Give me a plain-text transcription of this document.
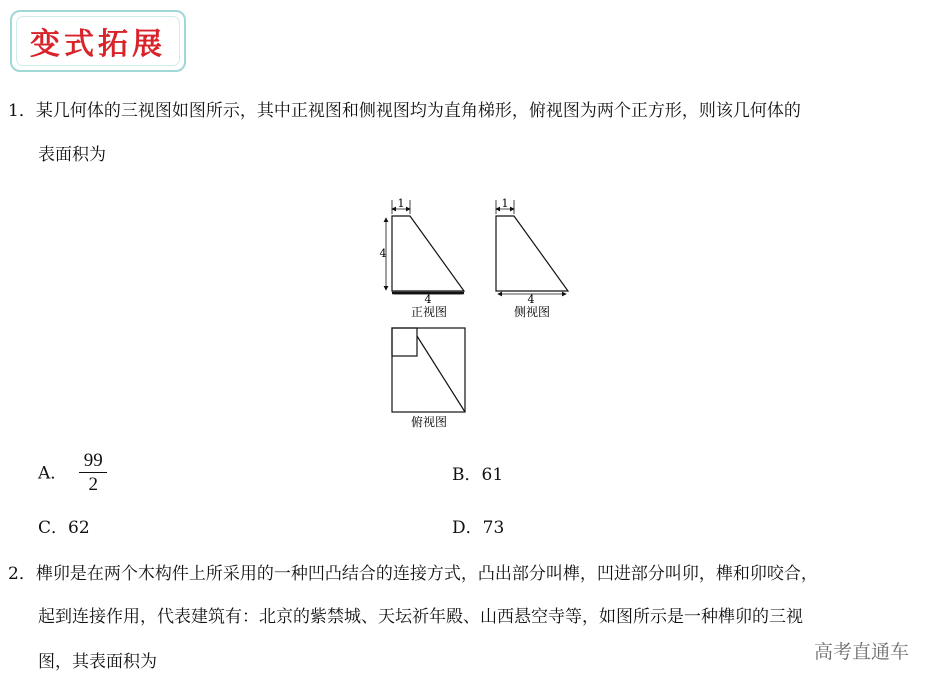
变式拓展
1．某几何体的三视图如图所示，其中正视图和侧视图均为直角梯形，俯视图为两个正方形，则该几何体的
表面积为
1
4
4
正视图
1
4
侧视图
俯视图
A． $\frac{99}{2}$	B．61
C．62	D．73
2．榫卯是在两个木构件上所采用的一种凹凸结合的连接方式，凸出部分叫榫，凹进部分叫卯，榫和卯咬合，
起到连接作用，代表建筑有：北京的紫禁城、天坛祈年殿、山西悬空寺等，如图所示是一种榫卯的三视
图，其表面积为	高考直通车
